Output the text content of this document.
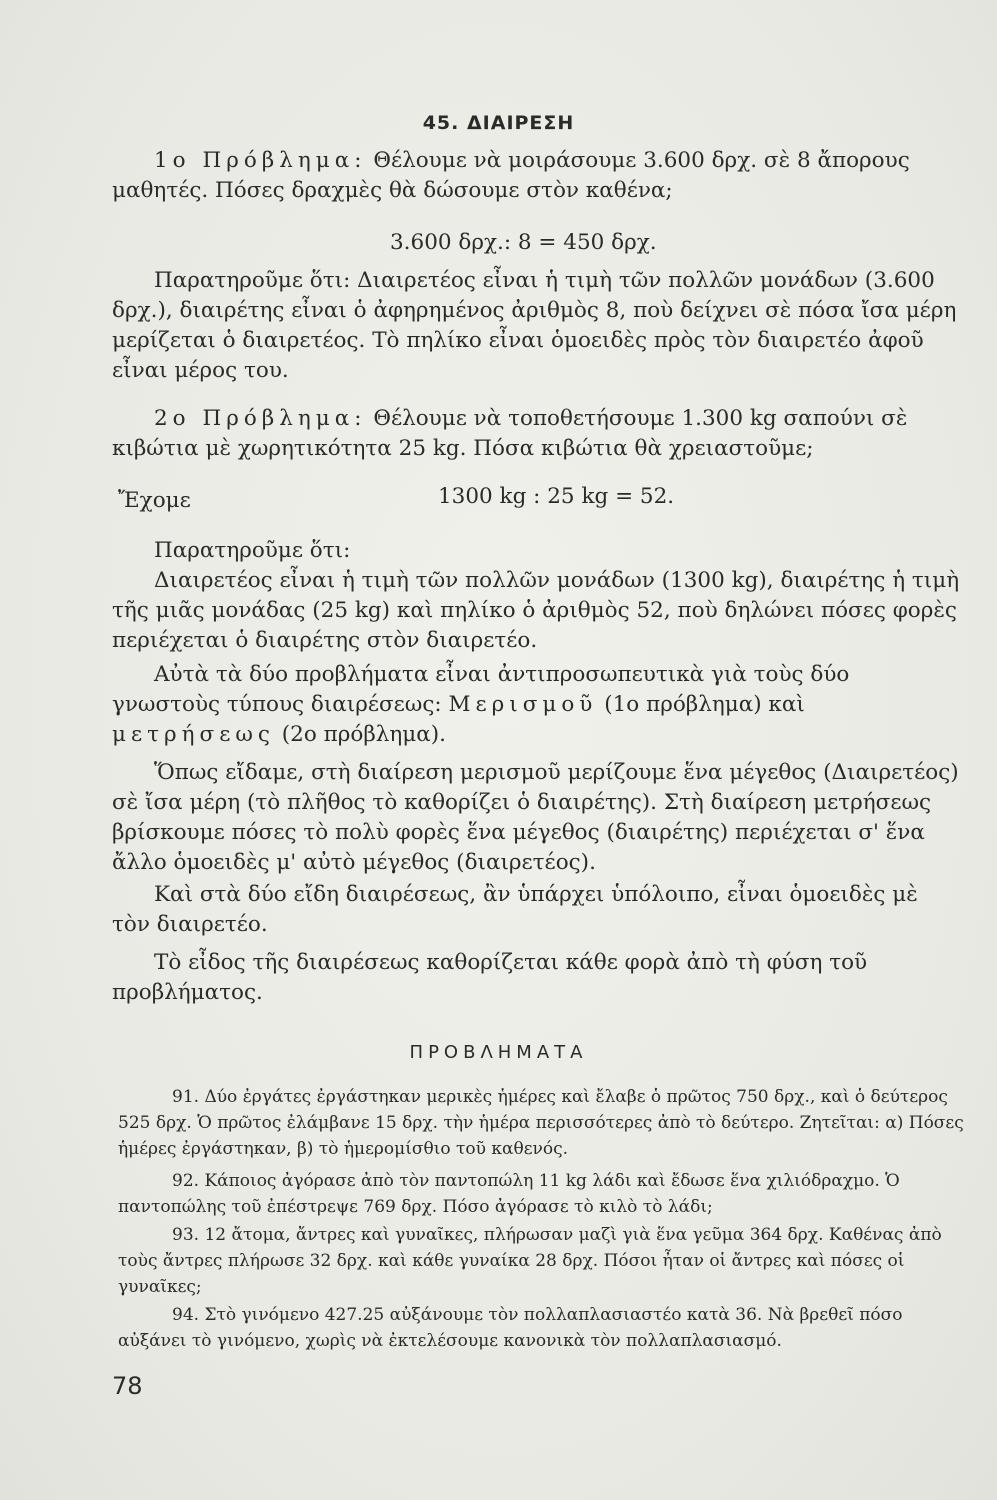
45. ΔΙΑΙΡΕΣΗ
1ο Πρόβλημα: Θέλουμε νὰ μοιράσουμε 3.600 δρχ. σὲ 8 ἄπορους μαθητές. Πόσες δραχμὲς θὰ δώσουμε στὸν καθένα;
3.600 δρχ.: 8 = 450 δρχ.
Παρατηροῦμε ὅτι: Διαιρετέος εἶναι ἡ τιμὴ τῶν πολλῶν μονάδων (3.600 δρχ.), διαιρέτης εἶναι ὁ ἀφηρημένος ἀριθμὸς 8, ποὺ δείχνει σὲ πόσα ἴσα μέρη μερίζεται ὁ διαιρετέος. Τὸ πηλίκο εἶναι ὁμοειδὲς πρὸς τὸν διαιρετέο ἀφοῦ εἶναι μέρος του.
2ο Πρόβλημα: Θέλουμε νὰ τοποθετήσουμε 1.300 kg σαπούνι σὲ κιβώτια μὲ χωρητικότητα 25 kg. Πόσα κιβώτια θὰ χρειαστοῦμε;
Ἔχομε	1300 kg : 25 kg = 52.
Παρατηροῦμε ὅτι:
Διαιρετέος εἶναι ἡ τιμὴ τῶν πολλῶν μονάδων (1300 kg), διαιρέτης ἡ τιμὴ τῆς μιᾶς μονάδας (25 kg) καὶ πηλίκο ὁ ἀριθμὸς 52, ποὺ δηλώνει πόσες φορὲς περιέχεται ὁ διαιρέτης στὸν διαιρετέο.
Αὐτὰ τὰ δύο προβλήματα εἶναι ἀντιπροσωπευτικὰ γιὰ τοὺς δύο γνωστοὺς τύπους διαιρέσεως: Μερισμοῦ (1ο πρόβλημα) καὶ μετρήσεως (2ο πρόβλημα).
Ὅπως εἴδαμε, στὴ διαίρεση μερισμοῦ μερίζουμε ἕνα μέγεθος (Διαιρετέος) σὲ ἴσα μέρη (τὸ πλῆθος τὸ καθορίζει ὁ διαιρέτης). Στὴ διαίρεση μετρήσεως βρίσκουμε πόσες τὸ πολὺ φορὲς ἕνα μέγεθος (διαιρέτης) περιέχεται σ' ἕνα ἄλλο ὁμοειδὲς μ' αὐτὸ μέγεθος (διαιρετέος).
Καὶ στὰ δύο εἴδη διαιρέσεως, ἂν ὑπάρχει ὑπόλοιπο, εἶναι ὁμοειδὲς μὲ τὸν διαιρετέο.
Τὸ εἶδος τῆς διαιρέσεως καθορίζεται κάθε φορὰ ἀπὸ τὴ φύση τοῦ προβλήματος.
ΠΡΟΒΛΗΜΑΤΑ
91. Δύο ἐργάτες ἐργάστηκαν μερικὲς ἡμέρες καὶ ἔλαβε ὁ πρῶτος 750 δρχ., καὶ ὁ δεύτερος 525 δρχ. Ὁ πρῶτος ἐλάμβανε 15 δρχ. τὴν ἡμέρα περισσότερες ἀπὸ τὸ δεύτερο. Ζητεῖται: α) Πόσες ἡμέρες ἐργάστηκαν, β) τὸ ἡμερομίσθιο τοῦ καθενός.
92. Κάποιος ἀγόρασε ἀπὸ τὸν παντοπώλη 11 kg λάδι καὶ ἔδωσε ἕνα χιλιόδραχμο. Ὁ παντοπώλης τοῦ ἐπέστρεψε 769 δρχ. Πόσο ἀγόρασε τὸ κιλὸ τὸ λάδι;
93. 12 ἄτομα, ἄντρες καὶ γυναῖκες, πλήρωσαν μαζὶ γιὰ ἕνα γεῦμα 364 δρχ. Καθένας ἀπὸ τοὺς ἄντρες πλήρωσε 32 δρχ. καὶ κάθε γυναίκα 28 δρχ. Πόσοι ἦταν οἱ ἄντρες καὶ πόσες οἱ γυναῖκες;
94. Στὸ γινόμενο 427.25 αὐξάνουμε τὸν πολλαπλασιαστέο κατὰ 36. Νὰ βρεθεῖ πόσο αὐξάνει τὸ γινόμενο, χωρὶς νὰ ἐκτελέσουμε κανονικὰ τὸν πολλαπλασιασμό.
78
